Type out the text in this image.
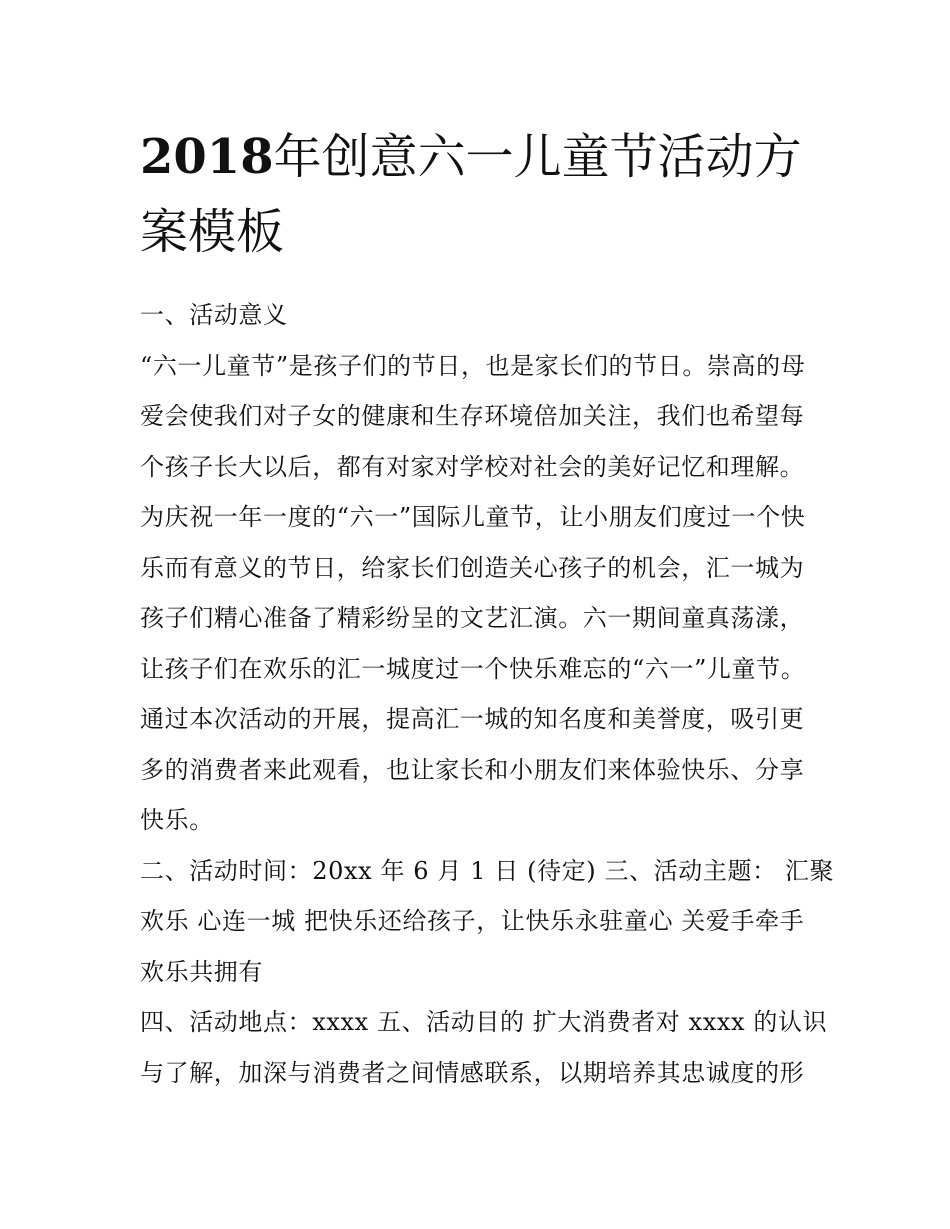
2018年创意六一儿童节活动方
案模板

一、活动意义

“六一儿童节”是孩子们的节日，也是家长们的节日。崇高的母

爱会使我们对子女的健康和生存环境倍加关注，我们也希望每

个孩子长大以后，都有对家对学校对社会的美好记忆和理解。

为庆祝一年一度的“六一”国际儿童节，让小朋友们度过一个快

乐而有意义的节日，给家长们创造关心孩子的机会，汇一城为

孩子们精心准备了精彩纷呈的文艺汇演。六一期间童真荡漾，

让孩子们在欢乐的汇一城度过一个快乐难忘的“六一”儿童节。

通过本次活动的开展，提高汇一城的知名度和美誉度，吸引更

多的消费者来此观看，也让家长和小朋友们来体验快乐、分享

快乐。

二、活动时间：20xx 年 6 月 1 日 (待定) 三、活动主题： 汇聚

欢乐 心连一城 把快乐还给孩子，让快乐永驻童心 关爱手牵手

欢乐共拥有

四、活动地点：xxxx 五、活动目的 扩大消费者对 xxxx 的认识

与了解，加深与消费者之间情感联系，以期培养其忠诚度的形
